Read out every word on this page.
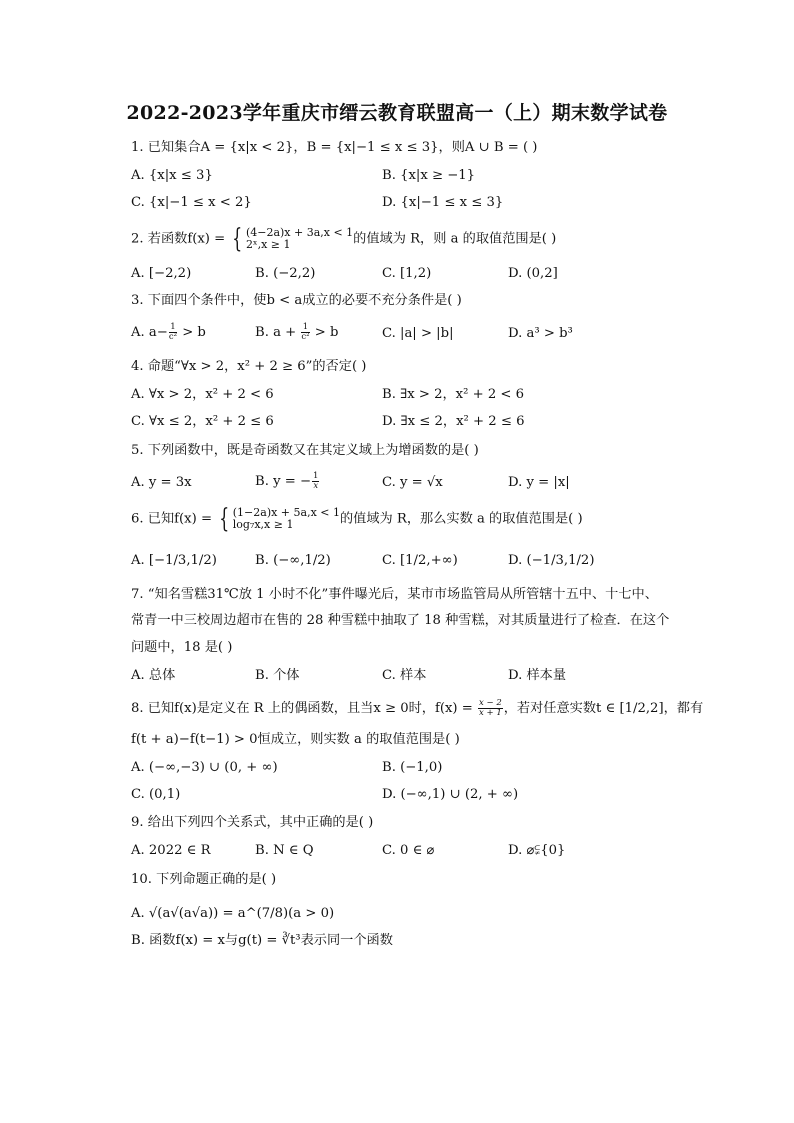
2022-2023学年重庆市缙云教育联盟高一（上）期末数学试卷
1. 已知集合A = {x|x < 2}，B = {x|−1 ≤ x ≤ 3}，则A ∪ B = ( )
A. {x|x ≤ 3}	B. {x|x ≥ −1}
C. {x|−1 ≤ x < 2}	D. {x|−1 ≤ x ≤ 3}
2. 若函数f(x) = { (4−2a)x + 3a,x < 1
2ˣ,x ≥ 1	的值域为 R，则 a 的取值范围是( )
A. [−2,2)	B. (−2,2)	C. [1,2)	D. (0,2]
3. 下面四个条件中，使b < a成立的必要不充分条件是( )
A. $a- \frac{1}{\text{c²}} > b$	B. $a + \frac{1}{\text{c²}} > b$	C. |a| > |b|	D. a³ > b³
4. 命题“∀x > 2，x² + 2 ≥ 6”的否定( )
A. ∀x > 2，x² + 2 < 6	B. ∃x > 2，x² + 2 < 6
C. ∀x ≤ 2，x² + 2 ≤ 6	D. ∃x ≤ 2，x² + 2 ≤ 6
5. 下列函数中，既是奇函数又在其定义域上为增函数的是( )
A. y = 3x	B. y = − $\frac{1}{x}$	C. y = √x	D. y = |x|
6. 已知f(x) = { (1−2a)x + 5a,x < 1
log₇x,x ≥ 1	的值域为 R，那么实数 a 的取值范围是( )
A. [−1/3,1/2)	B. (−∞,1/2)	C. [1/2,+∞)	D. (−1/3,1/2)
7. “知名雪糕31℃放 1 小时不化”事件曝光后，某市市场监管局从所管辖十五中、十七中、
常青一中三校周边超市在售的 28 种雪糕中抽取了 18 种雪糕，对其质量进行了检查．在这个
问题中，18 是( )
A. 总体	B. 个体	C. 样本	D. 样本量
8. 已知f(x)是定义在 R 上的偶函数，且当x ≥ 0时，$f(x) = \frac{x - 2}{x + 1}$ ，若对任意实数t ∈ [1/2,2]，都有
f(t + a)−f(t−1) > 0恒成立，则实数 a 的取值范围是( )
A. (−∞,−3) ∪ (0, + ∞)	B. (−1,0)
C. (0,1)	D. (−∞,1) ∪ (2, + ∞)
9. 给出下列四个关系式，其中正确的是( )
A. 2022 ∈ R	B. N ∈ Q	C. 0 ∈ ⌀	D. ⌀⫋{0}
10. 下列命题正确的是( )
A. √(a√(a√a)) = a^(7/8)(a > 0)
B. 函数f(x) = x与g(t) = ∛t³表示同一个函数
